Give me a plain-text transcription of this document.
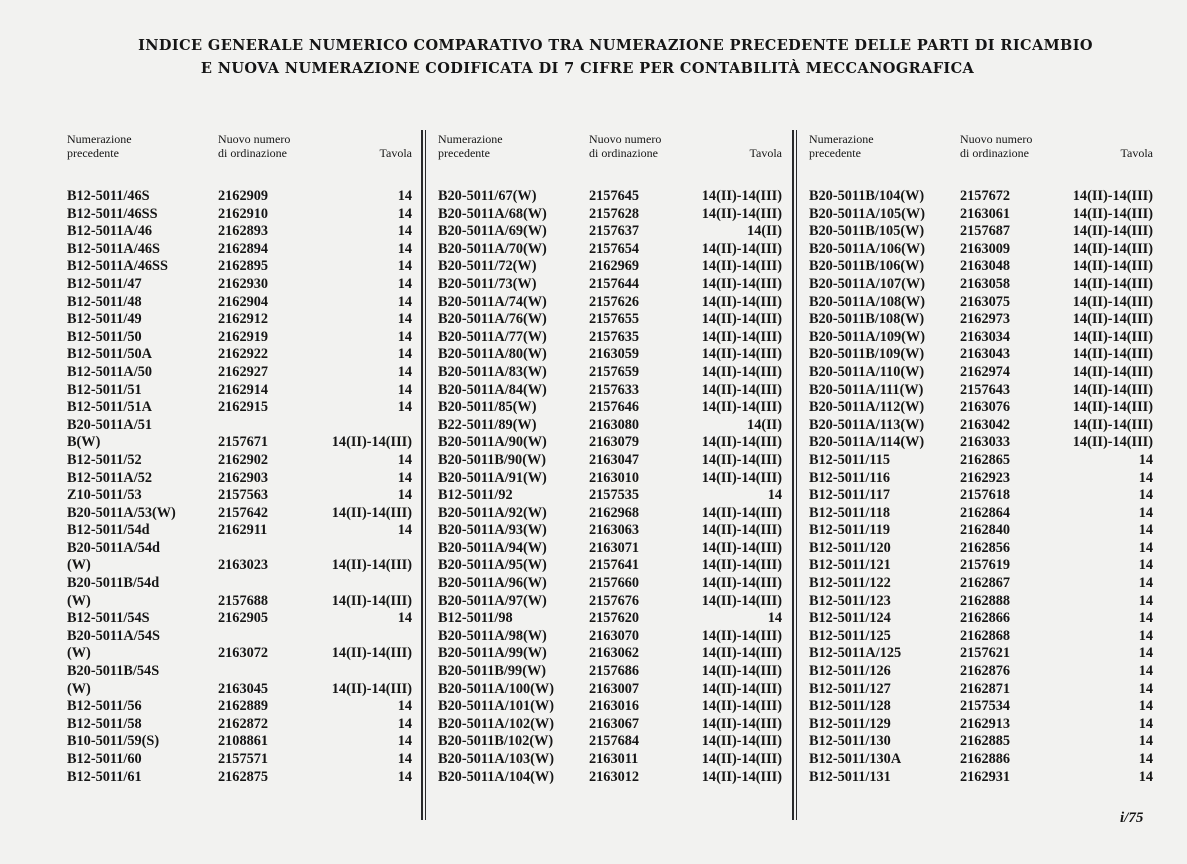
INDICE GENERALE NUMERICO COMPARATIVO TRA NUMERAZIONE PRECEDENTE DELLE PARTI DI RICAMBIO
E NUOVA NUMERAZIONE CODIFICATA DI 7 CIFRE PER CONTABILITÀ MECCANOGRAFICA
Numerazione
precedente
Nuovo numero
di ordinazione	Tavola
B12-5011/46S	2162909	14
B12-5011/46SS	2162910	14
B12-5011A/46	2162893	14
B12-5011A/46S	2162894	14
B12-5011A/46SS	2162895	14
B12-5011/47	2162930	14
B12-5011/48	2162904	14
B12-5011/49	2162912	14
B12-5011/50	2162919	14
B12-5011/50A	2162922	14
B12-5011A/50	2162927	14
B12-5011/51	2162914	14
B12-5011/51A	2162915	14
B20-5011A/51
B(W)	2157671	14(II)-14(III)
B12-5011/52	2162902	14
B12-5011A/52	2162903	14
Z10-5011/53	2157563	14
B20-5011A/53(W)	2157642	14(II)-14(III)
B12-5011/54d	2162911	14
B20-5011A/54d
(W)	2163023	14(II)-14(III)
B20-5011B/54d
(W)	2157688	14(II)-14(III)
B12-5011/54S	2162905	14
B20-5011A/54S
(W)	2163072	14(II)-14(III)
B20-5011B/54S
(W)	2163045	14(II)-14(III)
B12-5011/56	2162889	14
B12-5011/58	2162872	14
B10-5011/59(S)	2108861	14
B12-5011/60	2157571	14
B12-5011/61	2162875	14
Numerazione
precedente
Nuovo numero
di ordinazione	Tavola
B20-5011/67(W)	2157645	14(II)-14(III)
B20-5011A/68(W)	2157628	14(II)-14(III)
B20-5011A/69(W)	2157637	14(II)
B20-5011A/70(W)	2157654	14(II)-14(III)
B20-5011/72(W)	2162969	14(II)-14(III)
B20-5011/73(W)	2157644	14(II)-14(III)
B20-5011A/74(W)	2157626	14(II)-14(III)
B20-5011A/76(W)	2157655	14(II)-14(III)
B20-5011A/77(W)	2157635	14(II)-14(III)
B20-5011A/80(W)	2163059	14(II)-14(III)
B20-5011A/83(W)	2157659	14(II)-14(III)
B20-5011A/84(W)	2157633	14(II)-14(III)
B20-5011/85(W)	2157646	14(II)-14(III)
B22-5011/89(W)	2163080	14(II)
B20-5011A/90(W)	2163079	14(II)-14(III)
B20-5011B/90(W)	2163047	14(II)-14(III)
B20-5011A/91(W)	2163010	14(II)-14(III)
B12-5011/92	2157535	14
B20-5011A/92(W)	2162968	14(II)-14(III)
B20-5011A/93(W)	2163063	14(II)-14(III)
B20-5011A/94(W)	2163071	14(II)-14(III)
B20-5011A/95(W)	2157641	14(II)-14(III)
B20-5011A/96(W)	2157660	14(II)-14(III)
B20-5011A/97(W)	2157676	14(II)-14(III)
B12-5011/98	2157620	14
B20-5011A/98(W)	2163070	14(II)-14(III)
B20-5011A/99(W)	2163062	14(II)-14(III)
B20-5011B/99(W)	2157686	14(II)-14(III)
B20-5011A/100(W) 2163007	14(II)-14(III)
B20-5011A/101(W) 2163016	14(II)-14(III)
B20-5011A/102(W) 2163067	14(II)-14(III)
B20-5011B/102(W)	2157684	14(II)-14(III)
B20-5011A/103(W) 2163011	14(II)-14(III)
B20-5011A/104(W) 2163012	14(II)-14(III)
Numerazione
precedente
Nuovo numero
di ordinazione	Tavola
B20-5011B/104(W)	2157672	14(II)-14(III)
B20-5011A/105(W) 2163061	14(II)-14(III)
B20-5011B/105(W)	2157687	14(II)-14(III)
B20-5011A/106(W) 2163009	14(II)-14(III)
B20-5011B/106(W)	2163048	14(II)-14(III)
B20-5011A/107(W) 2163058	14(II)-14(III)
B20-5011A/108(W) 2163075	14(II)-14(III)
B20-5011B/108(W)	2162973	14(II)-14(III)
B20-5011A/109(W) 2163034	14(II)-14(III)
B20-5011B/109(W)	2163043	14(II)-14(III)
B20-5011A/110(W)	2162974	14(II)-14(III)
B20-5011A/111(W)	2157643	14(II)-14(III)
B20-5011A/112(W)	2163076	14(II)-14(III)
B20-5011A/113(W)	2163042	14(II)-14(III)
B20-5011A/114(W)	2163033	14(II)-14(III)
B12-5011/115	2162865	14
B12-5011/116	2162923	14
B12-5011/117	2157618	14
B12-5011/118	2162864	14
B12-5011/119	2162840	14
B12-5011/120	2162856	14
B12-5011/121	2157619	14
B12-5011/122	2162867	14
B12-5011/123	2162888	14
B12-5011/124	2162866	14
B12-5011/125	2162868	14
B12-5011A/125	2157621	14
B12-5011/126	2162876	14
B12-5011/127	2162871	14
B12-5011/128	2157534	14
B12-5011/129	2162913	14
B12-5011/130	2162885	14
B12-5011/130A	2162886	14
B12-5011/131	2162931	14
i/75
